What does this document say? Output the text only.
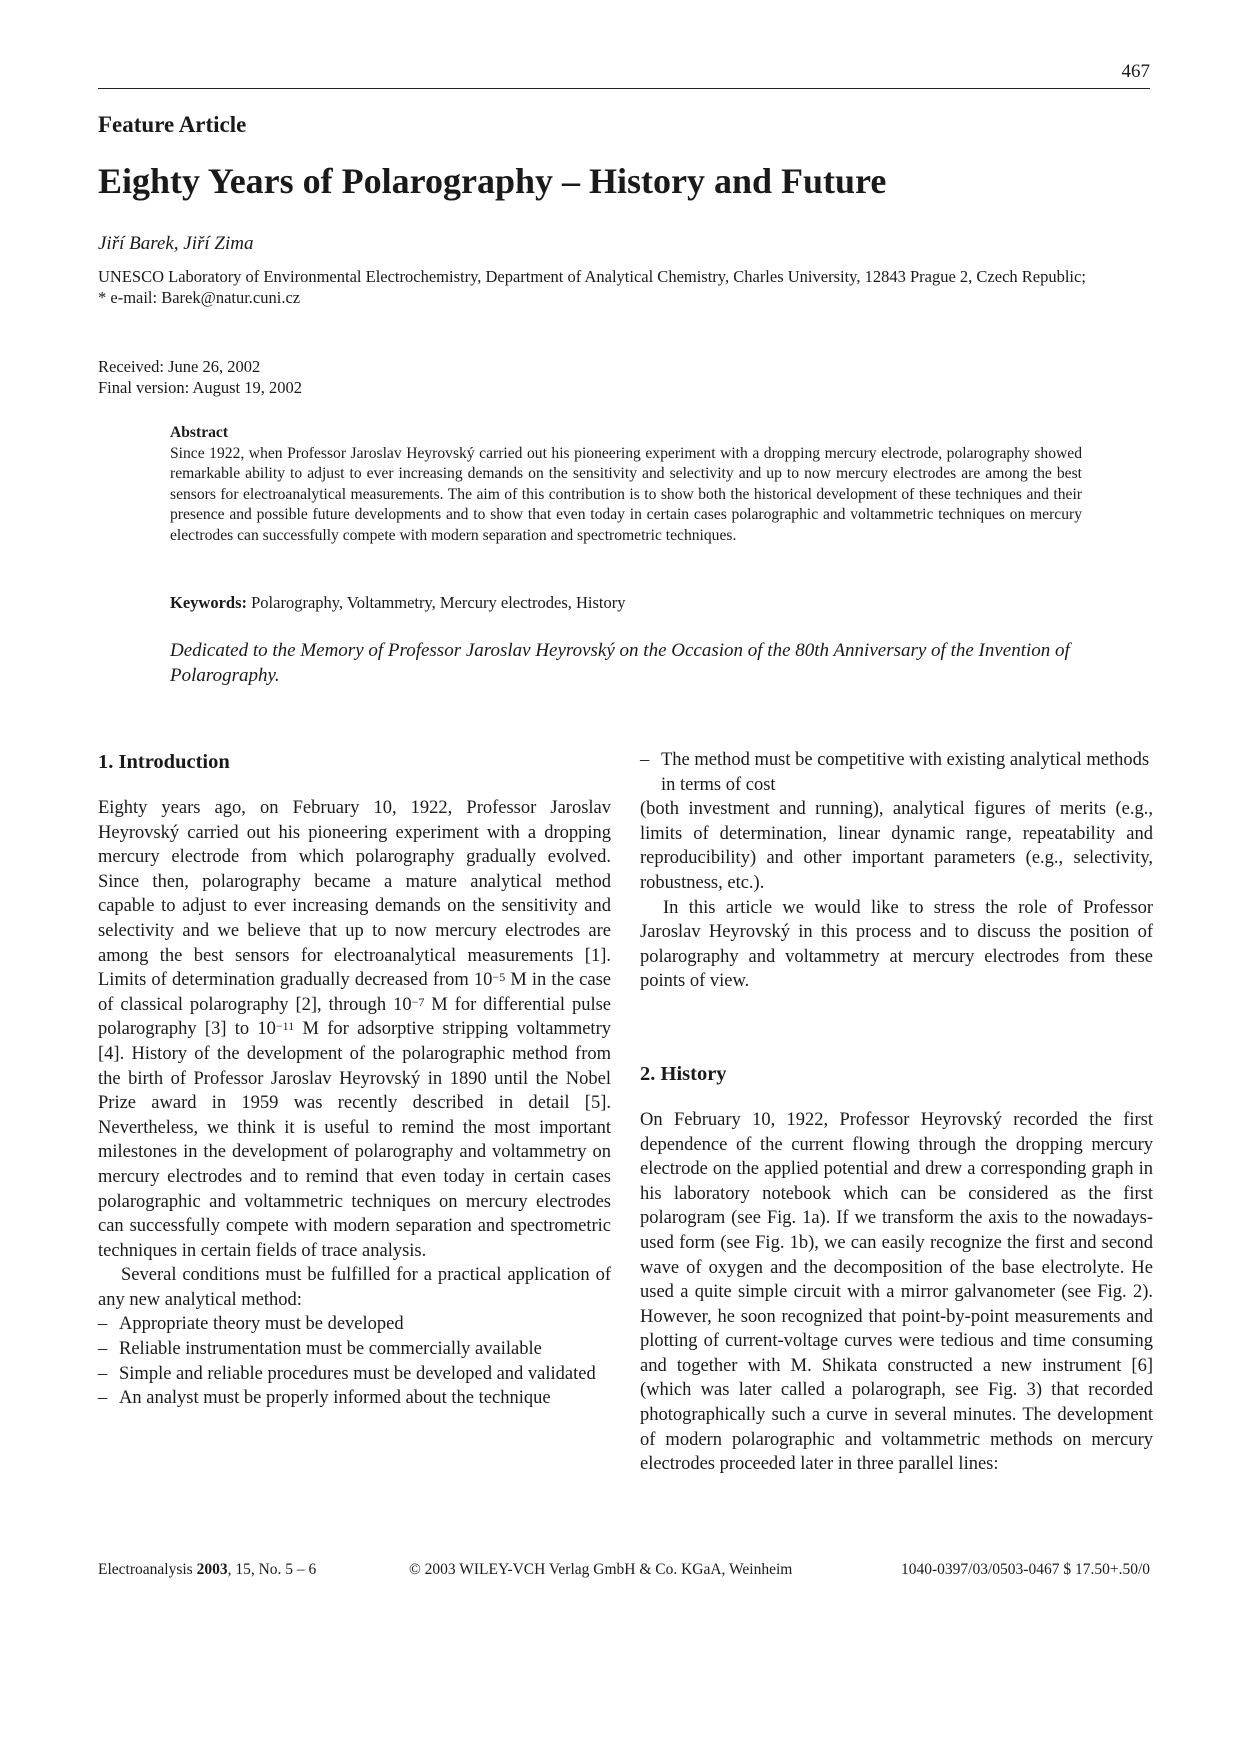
467
Feature Article
Eighty Years of Polarography – History and Future
Jiří Barek, Jiří Zima
UNESCO Laboratory of Environmental Electrochemistry, Department of Analytical Chemistry, Charles University, 12843 Prague 2, Czech Republic;
* e-mail: Barek@natur.cuni.cz
Received: June 26, 2002
Final version: August 19, 2002
Abstract
Since 1922, when Professor Jaroslav Heyrovský carried out his pioneering experiment with a dropping mercury electrode, polarography showed remarkable ability to adjust to ever increasing demands on the sensitivity and selectivity and up to now mercury electrodes are among the best sensors for electroanalytical measurements. The aim of this contribution is to show both the historical development of these techniques and their presence and possible future developments and to show that even today in certain cases polarographic and voltammetric techniques on mercury electrodes can successfully compete with modern separation and spectrometric techniques.
Keywords: Polarography, Voltammetry, Mercury electrodes, History
Dedicated to the Memory of Professor Jaroslav Heyrovský on the Occasion of the 80th Anniversary of the Invention of Polarography.
1. Introduction

Eighty years ago, on February 10, 1922, Professor Jaroslav Heyrovský carried out his pioneering experiment with a dropping mercury electrode from which polarography gradually evolved. Since then, polarography became a mature analytical method capable to adjust to ever increasing demands on the sensitivity and selectivity and we believe that up to now mercury electrodes are among the best sensors for electroanalytical measurements [1]. Limits of determination gradually decreased from $10^{-5}$ M in the case of classical polarography [2], through $10^{-7}$ M for differential pulse polarography [3] to $10^{-11}$ M for adsorptive stripping voltammetry [4]. History of the development of the polarographic method from the birth of Professor Jaroslav Heyrovský in 1890 until the Nobel Prize award in 1959 was recently described in detail [5]. Nevertheless, we think it is useful to remind the most important milestones in the development of polarography and voltammetry on mercury electrodes and to remind that even today in certain cases polarographic and voltammetric techniques on mercury electrodes can successfully compete with modern separation and spectrometric techniques in certain fields of trace analysis.

Several conditions must be fulfilled for a practical application of any new analytical method:

– Appropriate theory must be developed
– Reliable instrumentation must be commercially available
– Simple and reliable procedures must be developed and validated
– An analyst must be properly informed about the technique
– The method must be competitive with existing analytical methods in terms of cost

(both investment and running), analytical figures of merits (e.g., limits of determination, linear dynamic range, repeatability and reproducibility) and other important parameters (e.g., selectivity, robustness, etc.).

In this article we would like to stress the role of Professor Jaroslav Heyrovský in this process and to discuss the position of polarography and voltammetry at mercury electrodes from these points of view.

2. History

On February 10, 1922, Professor Heyrovský recorded the first dependence of the current flowing through the dropping mercury electrode on the applied potential and drew a corresponding graph in his laboratory notebook which can be considered as the first polarogram (see Fig. 1a). If we transform the axis to the nowadays-used form (see Fig. 1b), we can easily recognize the first and second wave of oxygen and the decomposition of the base electrolyte. He used a quite simple circuit with a mirror galvanometer (see Fig. 2). However, he soon recognized that point-by-point measurements and plotting of current-voltage curves were tedious and time consuming and together with M. Shikata constructed a new instrument [6] (which was later called a polarograph, see Fig. 3) that recorded photographically such a curve in several minutes. The development of modern polarographic and voltammetric methods on mercury electrodes proceeded later in three parallel lines:

Electroanalysis 2003, 15, No. 5 – 6	© 2003 WILEY-VCH Verlag GmbH & Co. KGaA, Weinheim	1040-0397/03/0503-0467 $ 17.50+.50/0
